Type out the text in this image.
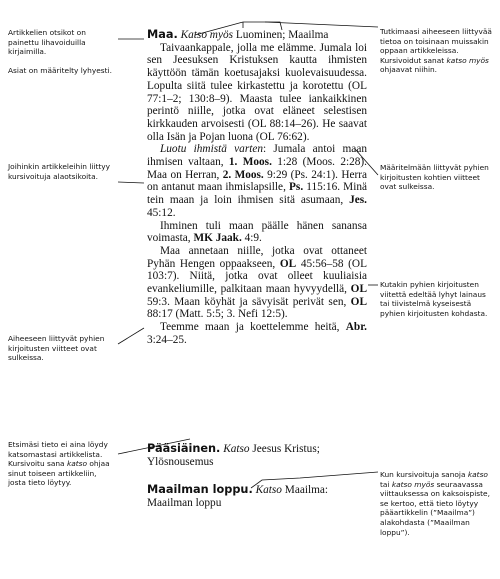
Artikkelien otsikot on painettu lihavoiduilla kirjaimilla.
Asiat on määritelty lyhyesti.
Joihinkin artikkeleihin liittyy kursivoituja alaotsikoita.
Aiheeseen liittyvät pyhien kirjoitusten viitteet ovat sulkeissa.
Etsimäsi tieto ei aina löydy katsomastasi artikkelista. Kursivoitu sana katso ohjaa sinut toiseen artikkeliin, josta tieto löytyy.
Tutkimaasi aiheeseen liittyvää tietoa on toisinaan muissakin oppaan artikkeleissa. Kursivoidut sanat katso myös ohjaavat niihin.
Määritelmään liittyvät pyhien kirjoitusten kohtien viitteet ovat sulkeissa.
Kutakin pyhien kirjoitusten viitettä edeltää lyhyt lainaus tai tiivistelmä kyseisestä pyhien kirjoitusten kohdasta.
Kun kursivoituja sanoja katso tai katso myös seuraavassa viittauksessa on kaksoispiste, se kertoo, että tieto löytyy pääartikkelin (”Maailma”) alakohdasta (”Maailman loppu”).
Maa. Katso myös Luominen; Maailma

Taivaankappale, jolla me elämme. Jumala loi sen Jeesuksen Kristuksen kautta ihmisten käyttöön tämän koetusajaksi kuolevaisuudessa. Lopulta siitä tulee kirkastettu ja korotettu (OL 77:1–2; 130:8–9). Maasta tulee iankaikkinen perintö niille, jotka ovat eläneet selestisen kirkkauden arvoisesti (OL 88:14–26). He saavat olla Isän ja Pojan luona (OL 76:62).

Luotu ihmistä varten: Jumala antoi maan ihmisen valtaan, 1. Moos. 1:28 (Moos. 2:28). Maa on Herran, 2. Moos. 9:29 (Ps. 24:1). Herra on antanut maan ihmislapsille, Ps. 115:16. Minä tein maan ja loin ihmisen sitä asumaan, Jes. 45:12.

Ihminen tuli maan päälle hänen sanansa voimasta, MK Jaak. 4:9.

Maa annetaan niille, jotka ovat ottaneet Pyhän Hengen oppaakseen, OL 45:56–58 (OL 103:7). Niitä, jotka ovat olleet kuuliaisia evankeliumille, palkitaan maan hyvyydellä, OL 59:3. Maan köyhät ja sävyisät perivät sen, OL 88:17 (Matt. 5:5; 3. Nefi 12:5).

Teemme maan ja koettelemme heitä, Abr. 3:24–25.

Pääsiäinen. Katso Jeesus Kristus; Ylösnousemus
Maailman loppu. Katso Maailma: Maailman loppu
